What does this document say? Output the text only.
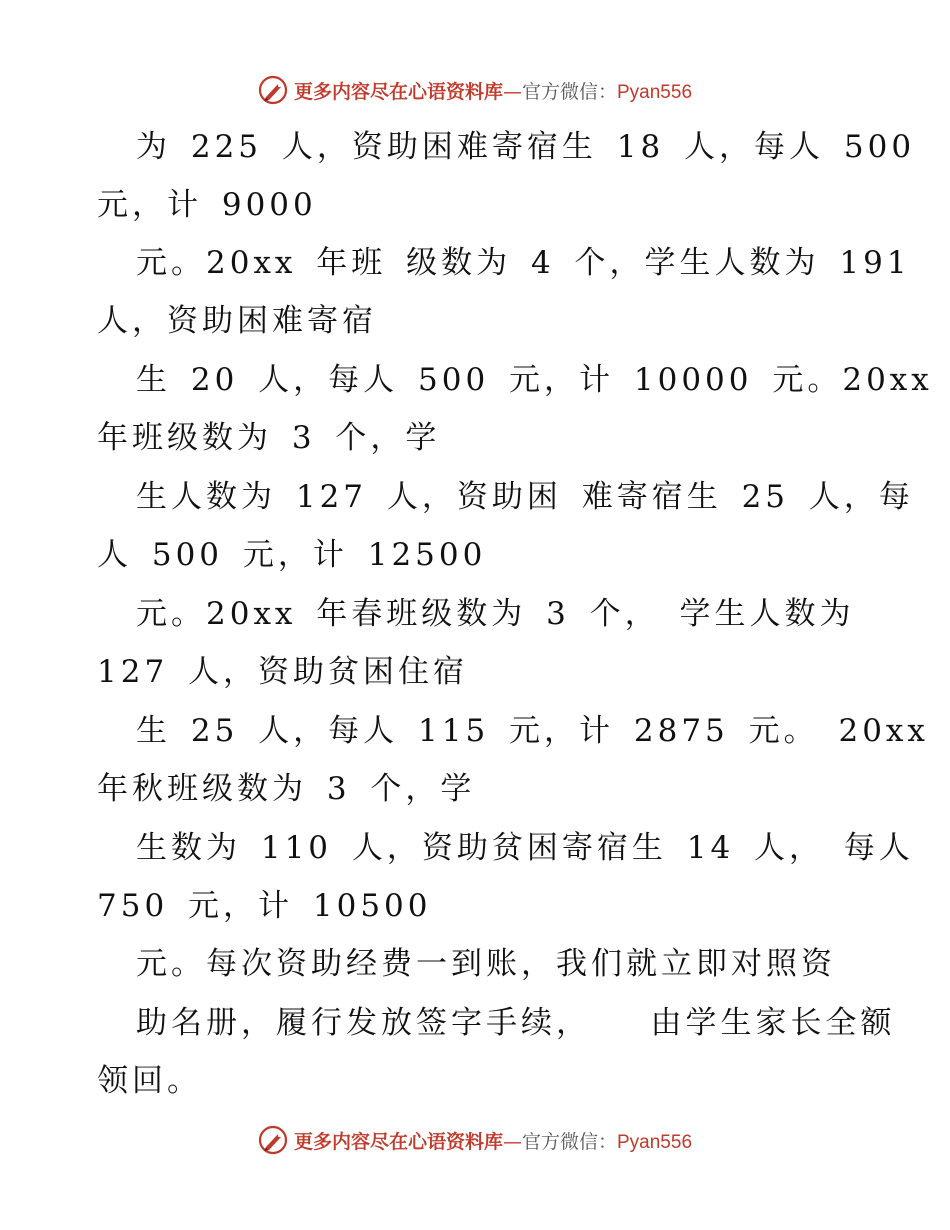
更多内容尽在心语资料库—官方微信：Pyan556
为 225 人，资助困难寄宿生 18 人，每人 500
元，计 9000
元。20xx 年班 级数为 4 个，学生人数为 191
人，资助困难寄宿
生 20 人，每人 500 元，计 10000 元。20xx
年班级数为 3 个，学
生人数为 127 人，资助困 难寄宿生 25 人，每
人 500 元，计 12500
元。20xx 年春班级数为 3 个， 学生人数为
127 人，资助贫困住宿
生 25 人，每人 115 元，计 2875 元。 20xx
年秋班级数为 3 个，学
生数为 110 人，资助贫困寄宿生 14 人， 每人
750 元，计 10500
元。每次资助经费一到账，我们就立即对照资
助名册，履行发放签字手续，   由学生家长全额
领回。
更多内容尽在心语资料库—官方微信：Pyan556
